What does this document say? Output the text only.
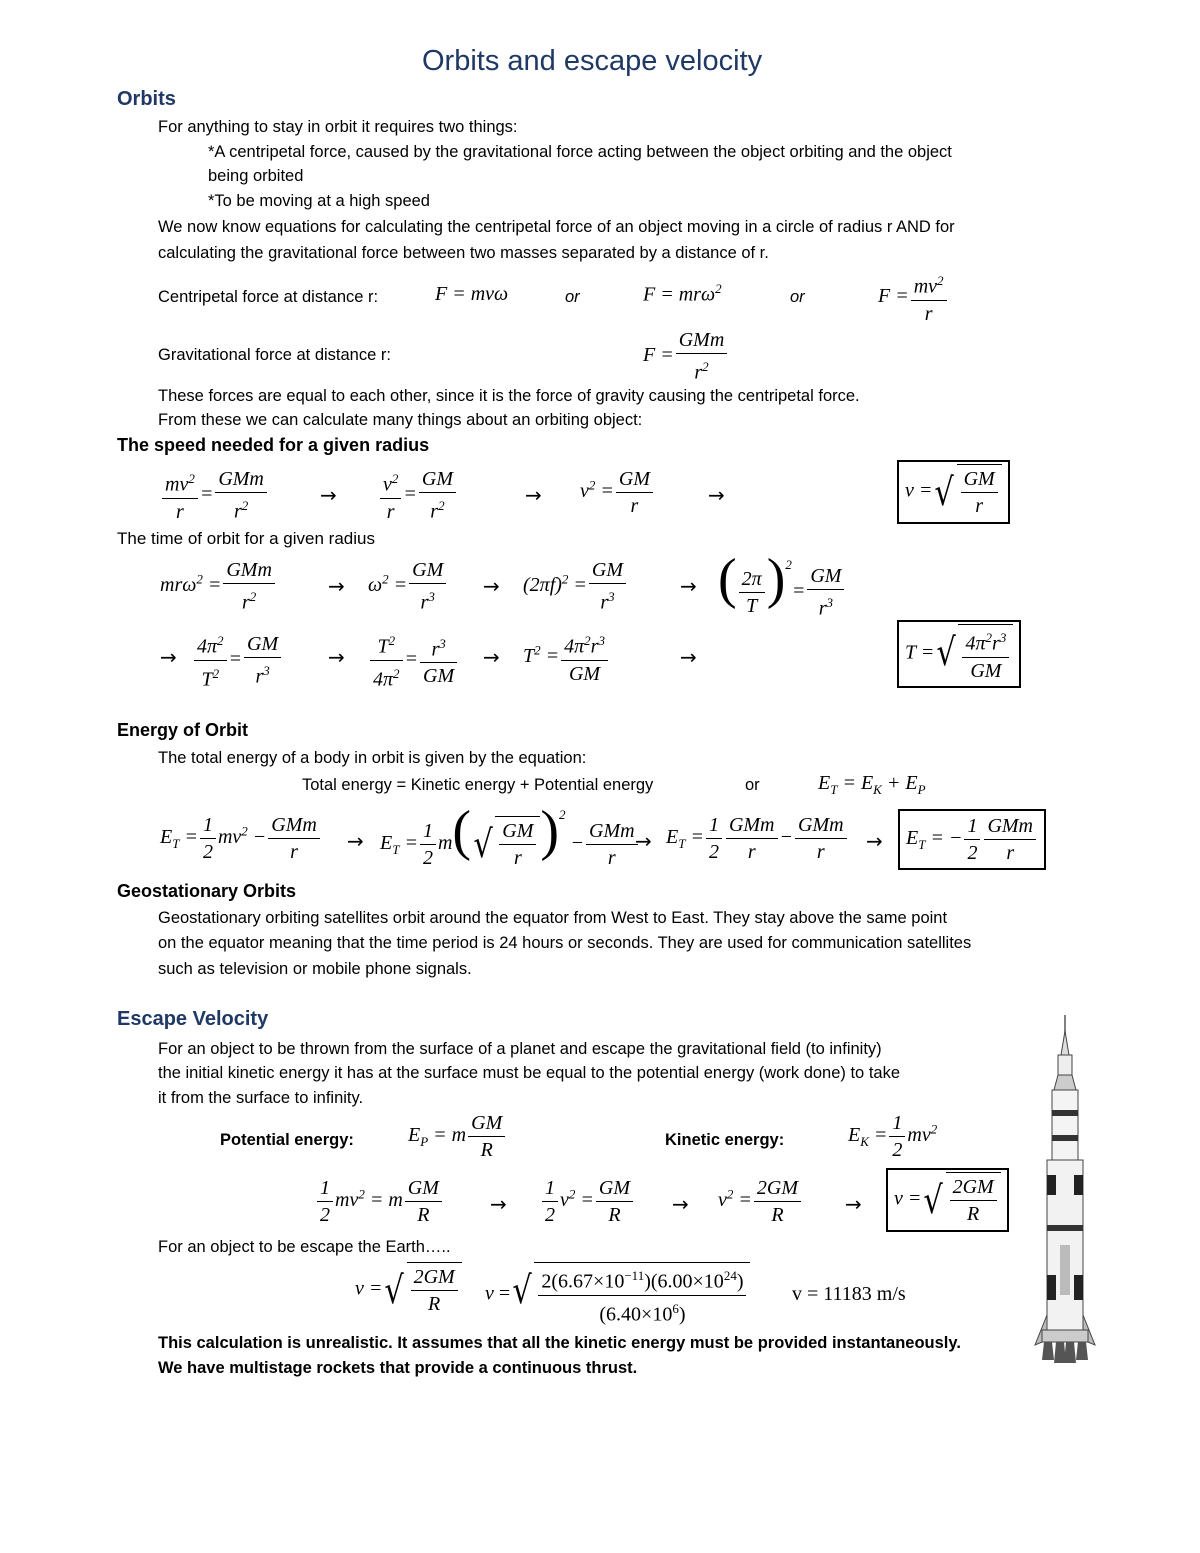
Orbits and escape velocity
Orbits
For anything to stay in orbit it requires two things:
*A centripetal force, caused by the gravitational force acting between the object orbiting and the object
being orbited
*To be moving at a high speed
We now know equations for calculating the centripetal force of an object moving in a circle of radius r AND for
calculating the gravitational force between two masses separated by a distance of r.
Centripetal force at distance r:	F = mvω	or	F = mrω$^2$	or	$F = \frac{mv^2}{r}$
Gravitational force at distance r:	$F = \frac{\text{GMm}}{r^2}$
These forces are equal to each other, since it is the force of gravity causing the centripetal force.
From these we can calculate many things about an orbiting object:
The speed needed for a given radius
$\frac{mv^2}{r} = \frac{\text{GMm}}{r^2}$	→ $\frac{v^2}{r} = \frac{GM}{r^2}$	→ $v^2 = \frac{GM}{r}$	→	v = √ $\frac{GM}{r}$
The time of orbit for a given radius
$mr\omega^2 = \frac{\text{GMm}}{r^2}$	→ $\omega^2 = \frac{GM}{r^3} \to (2\pi f)^2 = \frac{GM}{r^3}$	→ ( $\frac{2\pi}{T} )^2= \frac{GM}{r^3}$
→ $\frac{4\pi^2}{T^2} = \frac{GM}{r^3} \to \frac{T^2}{4\pi^2} = \frac{r^3}{GM} \to T^2 = \frac{4\pi^2r^3}{GM}$	→	T = √ $\frac{4\pi^2r^3}{GM}$
Energy of Orbit
The total energy of a body in orbit is given by the equation:
Total energy = Kinetic energy + Potential energy	or	$E_T = E_K + E_P$
$E_T = \frac{1}{2} mv^2 - \frac{\text{GMm}}{r} \to E_T = \frac{1}{2} m$( √ $\frac{GM}{r} )^2 - \frac{\text{GMm}}{r}$
→ $E_T = \frac{1}{2} \frac{\text{GMm}}{r} - \frac{\text{GMm}}{r}$ →	$E_T$ = − $\frac{1}{2} \frac{\text{GMm}}{r}$
Geostationary Orbits
Geostationary orbiting satellites orbit around the equator from West to East. They stay above the same point
on the equator meaning that the time period is 24 hours or seconds. They are used for communication satellites
such as television or mobile phone signals.
Escape Velocity
For an object to be thrown from the surface of a planet and escape the gravitational field (to infinity)
the initial kinetic energy it has at the surface must be equal to the potential energy (work done) to take
it from the surface to infinity.
Potential energy:	$E_P = m \frac{GM}{R}$	Kinetic energy:	$E_K = \frac{1}{2} mv^2$
$\frac{1}{2} mv^2 = m \frac{GM}{R} \to \frac{1}{2} v^2 = \frac{GM}{R} \to v^2 = \frac{2GM}{R}$ →	v = √ $\frac{2GM}{R}$
For an object to be escape the Earth…..
v = √ $\frac{2GM}{R}$ v = √ $\frac{2(6.67\times 10^{-11})(6.00\times 10^{24})}{(6.40\times 10^6)}$ v = 11183 m/s
This calculation is unrealistic. It assumes that all the kinetic energy must be provided instantaneously.
We have multistage rockets that provide a continuous thrust.
